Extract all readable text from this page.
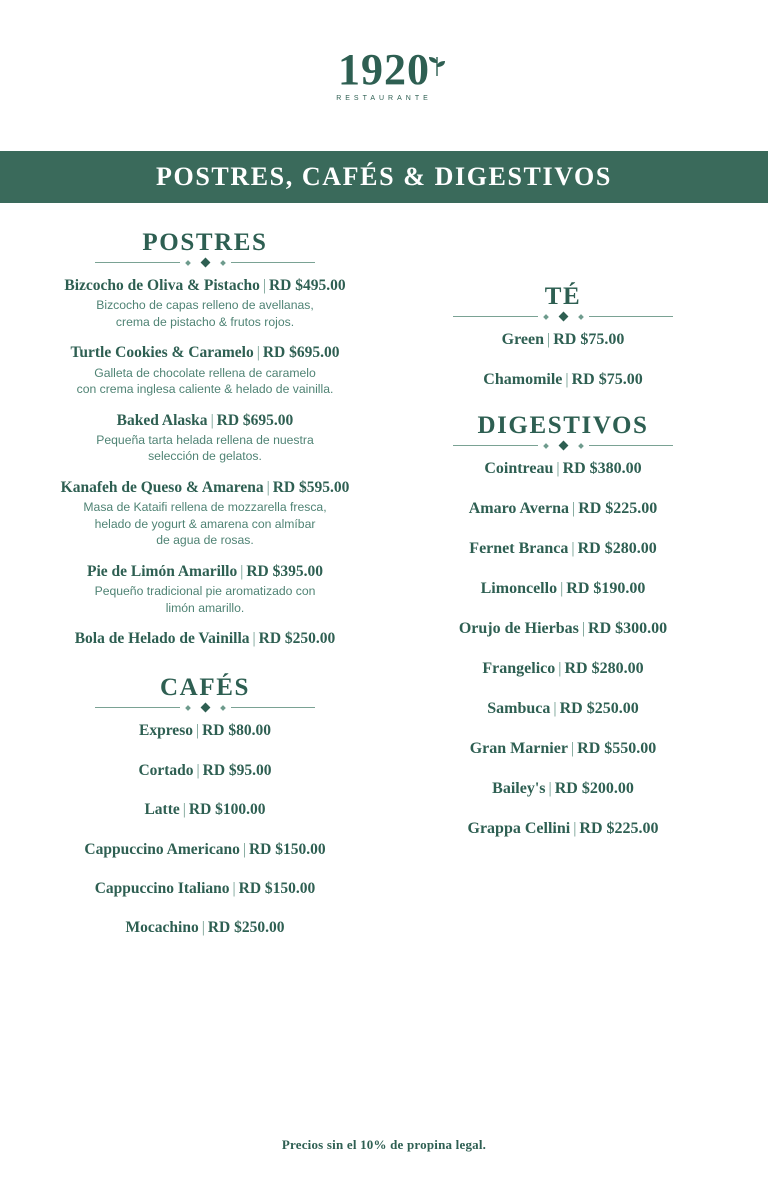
1920
RESTAURANTE
POSTRES, CAFÉS & DIGESTIVOS
POSTRES
Bizcocho de Oliva & Pistacho | RD $495.00
Bizcocho de capas relleno de avellanas,
crema de pistacho & frutos rojos.
Turtle Cookies & Caramelo | RD $695.00
Galleta de chocolate rellena de caramelo
con crema inglesa caliente & helado de vainilla.
Baked Alaska | RD $695.00
Pequeña tarta helada rellena de nuestra
selección de gelatos.
Kanafeh de Queso & Amarena | RD $595.00
Masa de Kataifi rellena de mozzarella fresca,
helado de yogurt & amarena con almíbar
de agua de rosas.
Pie de Limón Amarillo | RD $395.00
Pequeño tradicional pie aromatizado con
limón amarillo.
Bola de Helado de Vainilla | RD $250.00
CAFÉS
Expreso | RD $80.00
Cortado | RD $95.00
Latte | RD $100.00
Cappuccino Americano | RD $150.00
Cappuccino Italiano | RD $150.00
Mocachino | RD $250.00
TÉ
Green | RD $75.00
Chamomile | RD $75.00
DIGESTIVOS
Cointreau | RD $380.00
Amaro Averna | RD $225.00
Fernet Branca | RD $280.00
Limoncello | RD $190.00
Orujo de Hierbas | RD $300.00
Frangelico | RD $280.00
Sambuca | RD $250.00
Gran Marnier | RD $550.00
Bailey's | RD $200.00
Grappa Cellini | RD $225.00
Precios sin el 10% de propina legal.
